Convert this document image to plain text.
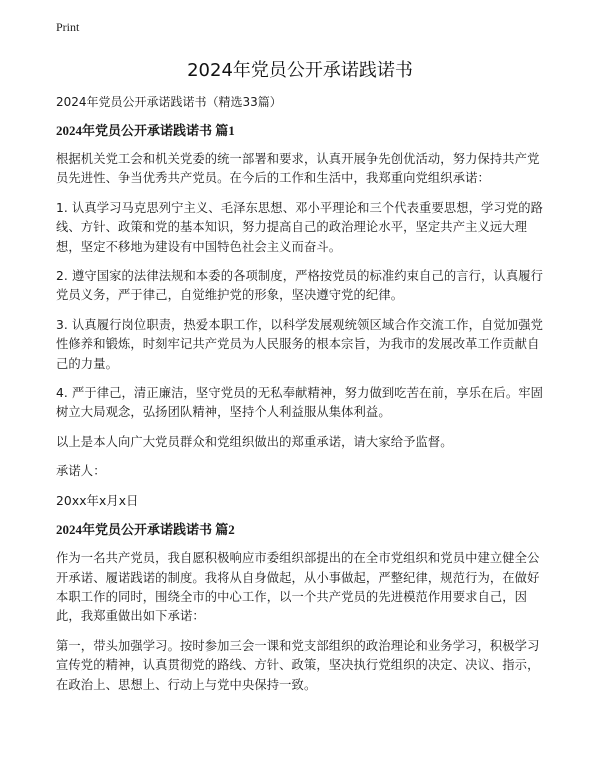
Print
2024年党员公开承诺践诺书
2024年党员公开承诺践诺书（精选33篇）
2024年党员公开承诺践诺书 篇1

根据机关党工会和机关党委的统一部署和要求，认真开展争先创优活动，努力保持共产党员先进性、争当优秀共产党员。在今后的工作和生活中，我郑重向党组织承诺：

1. 认真学习马克思列宁主义、毛泽东思想、邓小平理论和三个代表重要思想，学习党的路线、方针、政策和党的基本知识，努力提高自己的政治理论水平，坚定共产主义远大理想，坚定不移地为建设有中国特色社会主义而奋斗。

2. 遵守国家的法律法规和本委的各项制度，严格按党员的标准约束自己的言行，认真履行党员义务，严于律己，自觉维护党的形象，坚决遵守党的纪律。

3. 认真履行岗位职责，热爱本职工作，以科学发展观统领区域合作交流工作，自觉加强党性修养和锻炼，时刻牢记共产党员为人民服务的根本宗旨，为我市的发展改革工作贡献自己的力量。

4. 严于律己，清正廉洁，坚守党员的无私奉献精神，努力做到吃苦在前，享乐在后。牢固树立大局观念，弘扬团队精神，坚持个人利益服从集体利益。

以上是本人向广大党员群众和党组织做出的郑重承诺，请大家给予监督。

承诺人：

20xx年x月x日

2024年党员公开承诺践诺书 篇2

作为一名共产党员，我自愿积极响应市委组织部提出的在全市党组织和党员中建立健全公开承诺、履诺践诺的制度。我将从自身做起，从小事做起，严整纪律，规范行为，在做好本职工作的同时，围绕全市的中心工作，以一个共产党员的先进模范作用要求自己，因此，我郑重做出如下承诺：

第一，带头加强学习。按时参加三会一课和党支部组织的政治理论和业务学习，积极学习宣传党的精神，认真贯彻党的路线、方针、政策，坚决执行党组织的决定、决议、指示，在政治上、思想上、行动上与党中央保持一致。
